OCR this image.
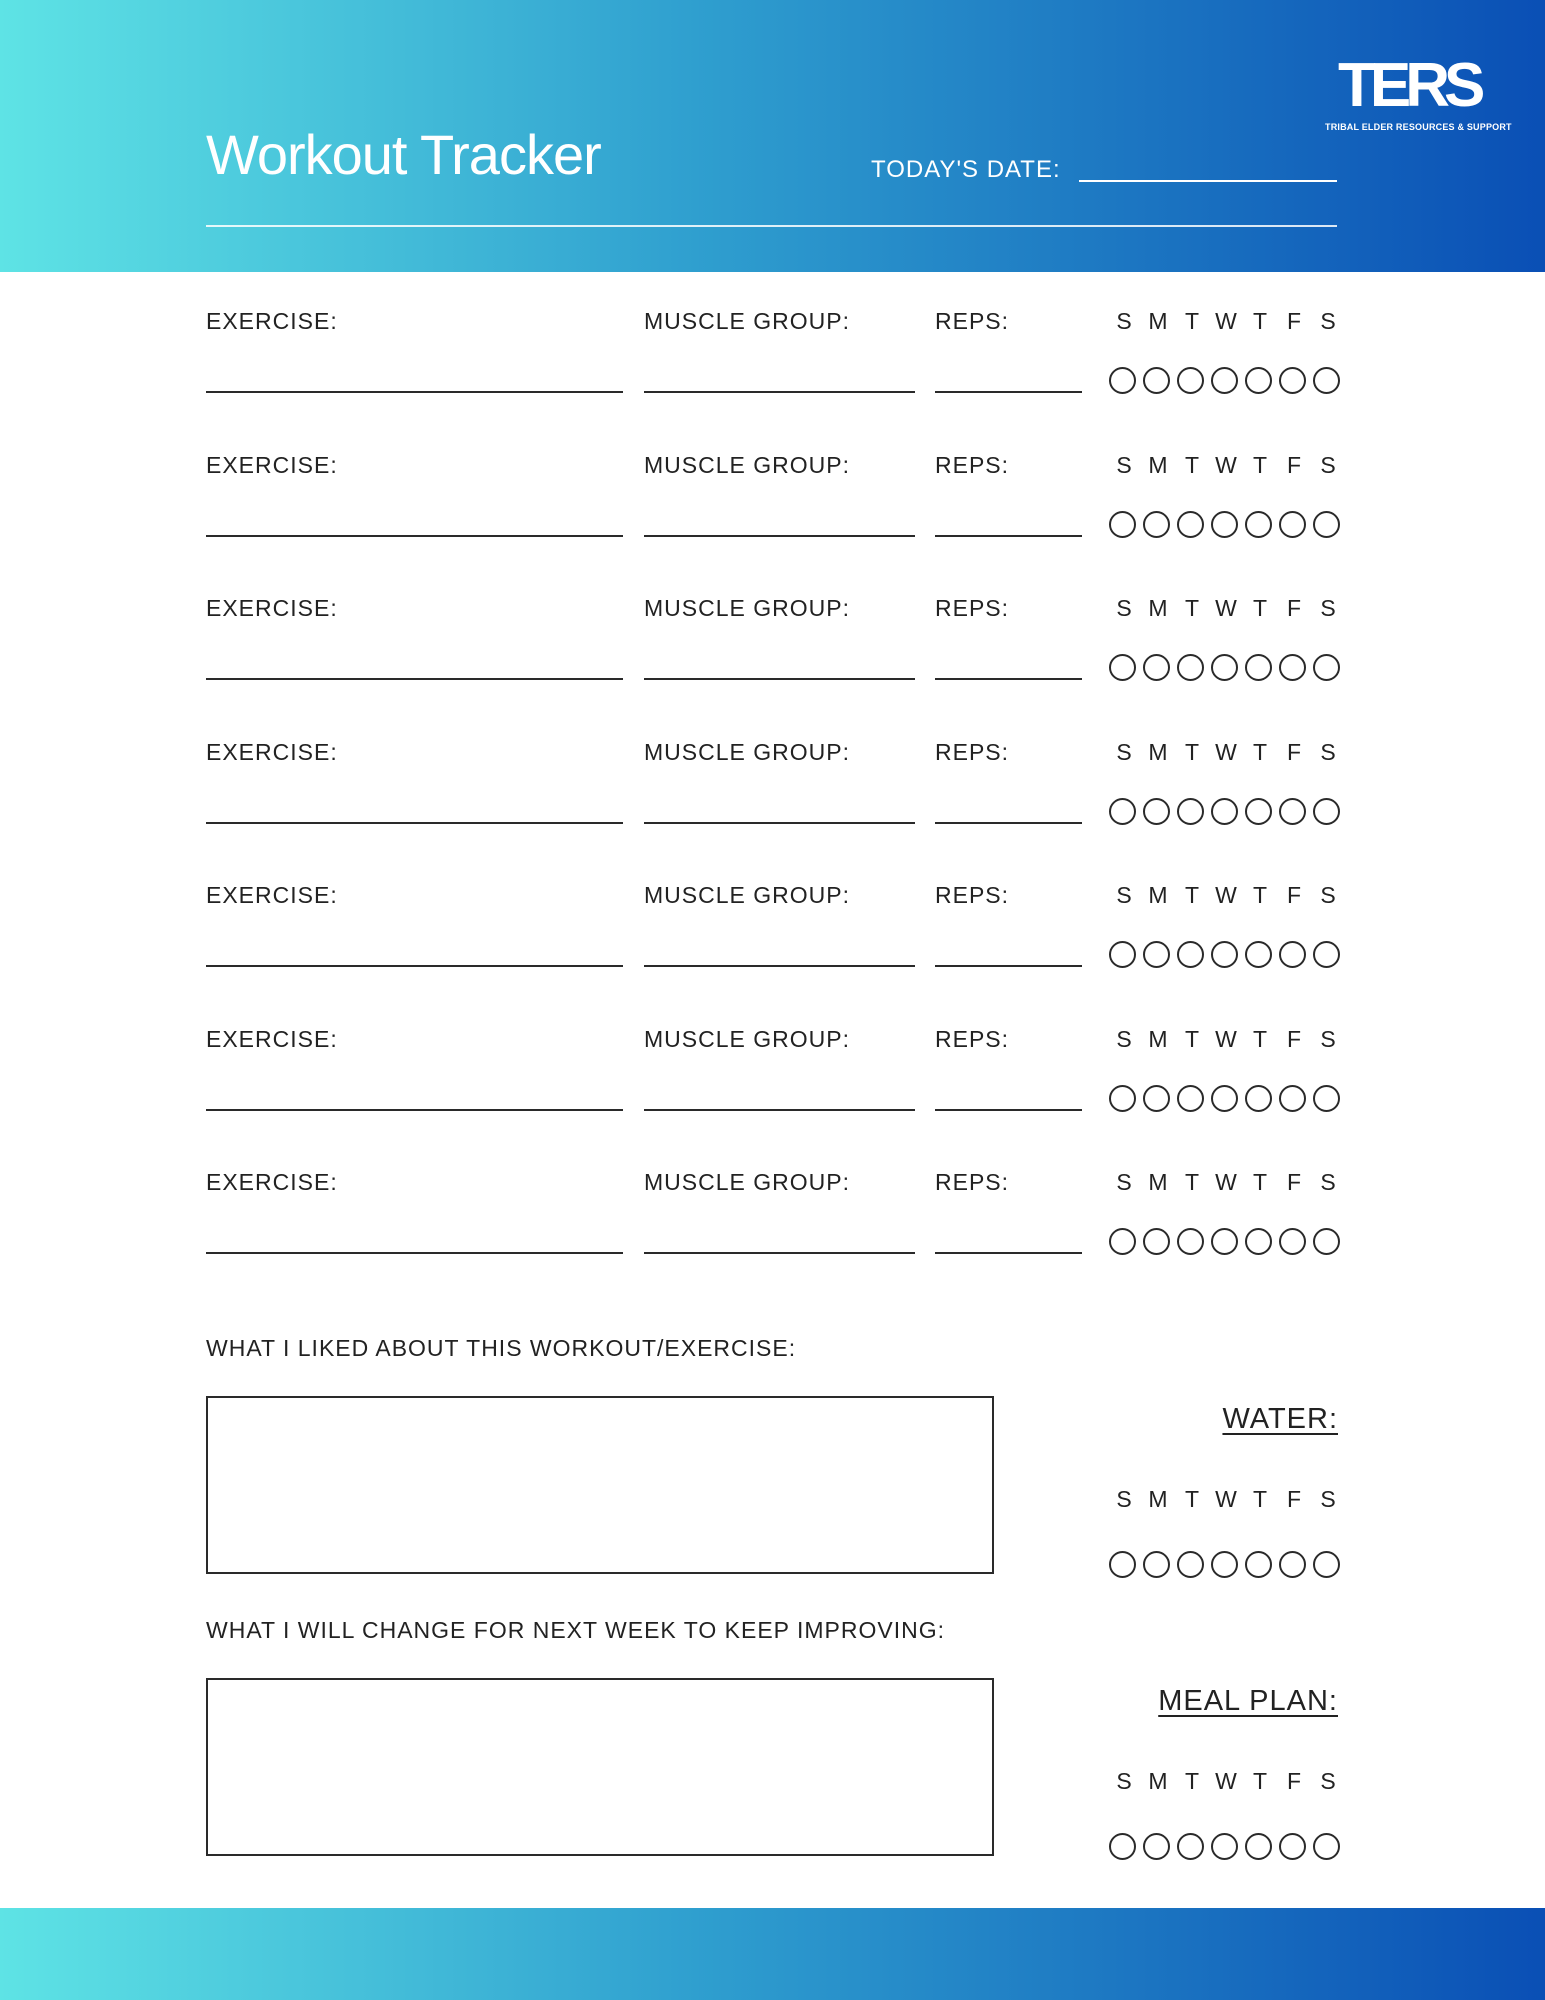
Workout Tracker	TODAY'S DATE:
TERS
TRIBAL ELDER RESOURCES & SUPPORT
EXERCISE:	MUSCLE GROUP:	REPS:	S M T W T F S
EXERCISE:	MUSCLE GROUP:	REPS:	S M T W T F S
EXERCISE:	MUSCLE GROUP:	REPS:	S M T W T F S
EXERCISE:	MUSCLE GROUP:	REPS:	S M T W T F S
EXERCISE:	MUSCLE GROUP:	REPS:	S M T W T F S
EXERCISE:	MUSCLE GROUP:	REPS:	S M T W T F S
EXERCISE:	MUSCLE GROUP:	REPS:	S M T W T F S
WHAT I LIKED ABOUT THIS WORKOUT/EXERCISE:
WHAT I WILL CHANGE FOR NEXT WEEK TO KEEP IMPROVING:
WATER:
S M T W T F S
MEAL PLAN:
S M T W T F S
